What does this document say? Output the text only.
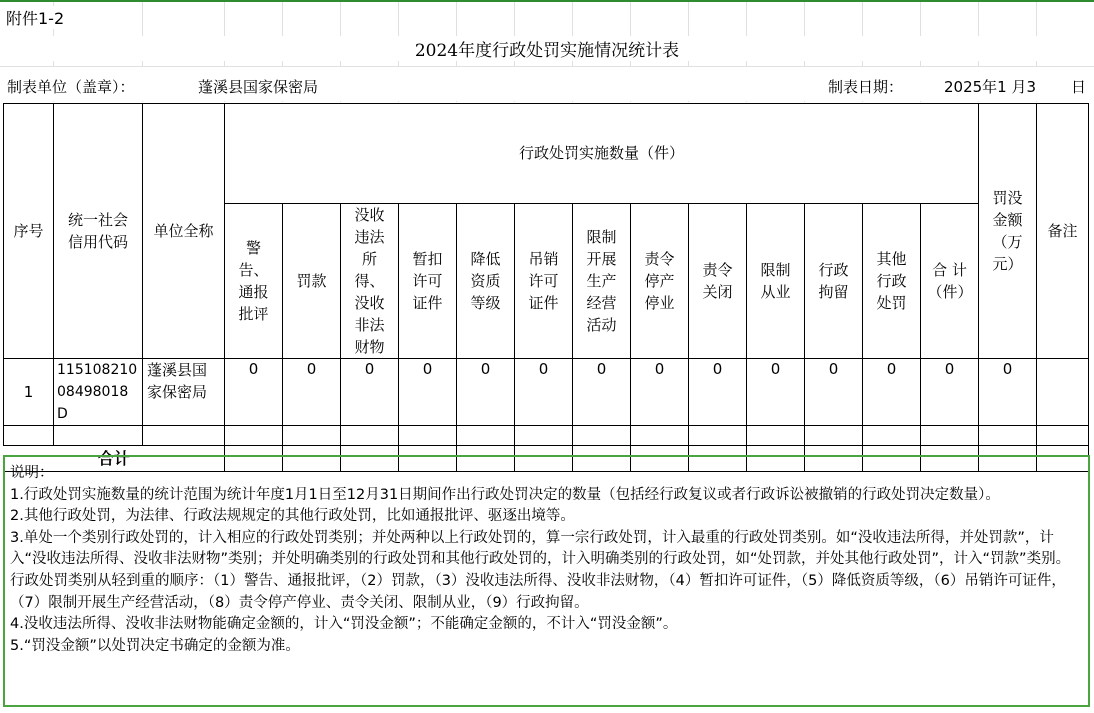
附件1-2
2024年度行政处罚实施情况统计表
制表单位（盖章）：	蓬溪县国家保密局	制表日期：	2025年1 月3 日
序号	统一社会信用代码	单位全称	行政处罚实施数量（件）													罚没金额（万元）	备注
			警告、通报批评	罚款	没收违法所得、没收非法财物	暂扣许可证件	降低资质等级	吊销许可证件	限制开展生产经营活动	责令停产停业	责令关闭	限制从业	行政拘留	其他行政处罚	合 计（件）		
1	11510821008498018D	蓬溪县国家保密局	0	0	0	0	0	0	0	0	0	0	0	0	0	0	

合计																	

说明：

1.行政处罚实施数量的统计范围为统计年度1月1日至12月31日期间作出行政处罚决定的数量（包括经行政复议或者行政诉讼被撤销的行政处罚决定数量）。

2.其他行政处罚，为法律、行政法规规定的其他行政处罚，比如通报批评、驱逐出境等。

3.单处一个类别行政处罚的，计入相应的行政处罚类别；并处两种以上行政处罚的，算一宗行政处罚，计入最重的行政处罚类别。如“没收违法所得，并处罚款”，计入“没收违法所得、没收非法财物”类别；并处明确类别的行政处罚和其他行政处罚的，计入明确类别的行政处罚，如“处罚款，并处其他行政处罚”，计入“罚款”类别。行政处罚类别从轻到重的顺序：（1）警告、通报批评，（2）罚款，（3）没收违法所得、没收非法财物，（4）暂扣许可证件，（5）降低资质等级，（6）吊销许可证件，（7）限制开展生产经营活动，（8）责令停产停业、责令关闭、限制从业，（9）行政拘留。

4.没收违法所得、没收非法财物能确定金额的，计入“罚没金额”；不能确定金额的，不计入“罚没金额”。

5.“罚没金额”以处罚决定书确定的金额为准。
